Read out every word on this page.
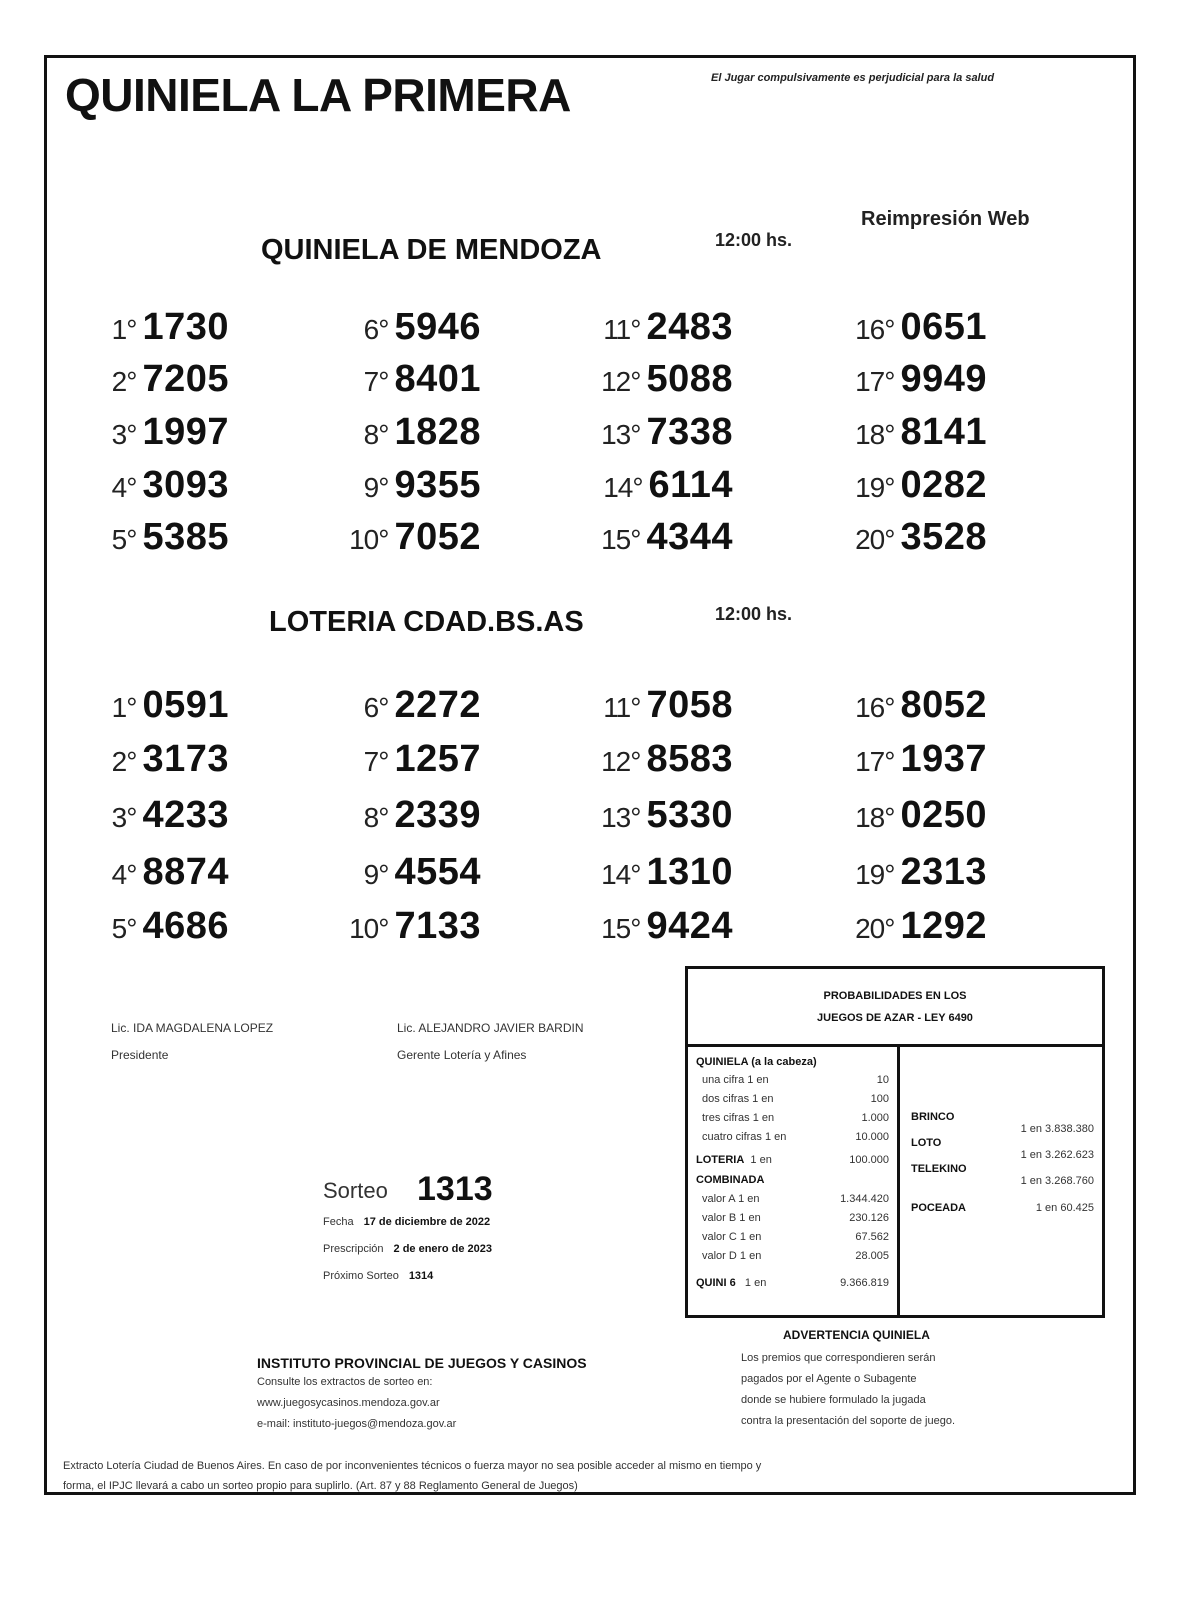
QUINIELA LA PRIMERA	El Jugar compulsivamente es perjudicial para la salud
Reimpresión Web
QUINIELA DE MENDOZA	12:00 hs.
1° 1730
2° 7205
3° 1997
4° 3093
5° 5385
6° 5946
7° 8401
8° 1828
9° 9355
10° 7052
11° 2483
12° 5088
13° 7338
14° 6114
15° 4344
16° 0651
17° 9949
18° 8141
19° 0282
20° 3528
LOTERIA CDAD.BS.AS	12:00 hs.
1° 0591
2° 3173
3° 4233
4° 8874
5° 4686
6° 2272
7° 1257
8° 2339
9° 4554
10° 7133
11° 7058
12° 8583
13° 5330
14° 1310
15° 9424
16° 8052
17° 1937
18° 0250
19° 2313
20° 1292
Lic. IDA MAGDALENA LOPEZ
Presidente
Lic. ALEJANDRO JAVIER BARDIN
Gerente Lotería y Afines
PROBABILIDADES EN LOS
JUEGOS DE AZAR - LEY 6490
QUINIELA (a la cabeza)
una cifra 1 en	10
dos cifras 1 en	100
tres cifras 1 en	1.000
cuatro cifras 1 en	10.000
LOTERIA 1 en	100.000
COMBINADA
valor A 1 en	1.344.420
valor B 1 en	230.126
valor C 1 en	67.562
valor D 1 en	28.005
QUINI 6 1 en	9.366.819
BRINCO
1 en 3.838.380
LOTO
1 en 3.262.623
TELEKINO
1 en 3.268.760
POCEADA	1 en 60.425
Sorteo 1313
Fecha 17 de diciembre de 2022
Prescripción 2 de enero de 2023
Próximo Sorteo 1314
INSTITUTO PROVINCIAL DE JUEGOS Y CASINOS
Consulte los extractos de sorteo en:
www.juegosycasinos.mendoza.gov.ar
e-mail: instituto-juegos@mendoza.gov.ar
ADVERTENCIA QUINIELA
Los premios que correspondieren serán
pagados por el Agente o Subagente
donde se hubiere formulado la jugada
contra la presentación del soporte de juego.
Extracto Lotería Ciudad de Buenos Aires. En caso de por inconvenientes técnicos o fuerza mayor no sea posible acceder al mismo en tiempo y
forma, el IPJC llevará a cabo un sorteo propio para suplirlo. (Art. 87 y 88 Reglamento General de Juegos)
